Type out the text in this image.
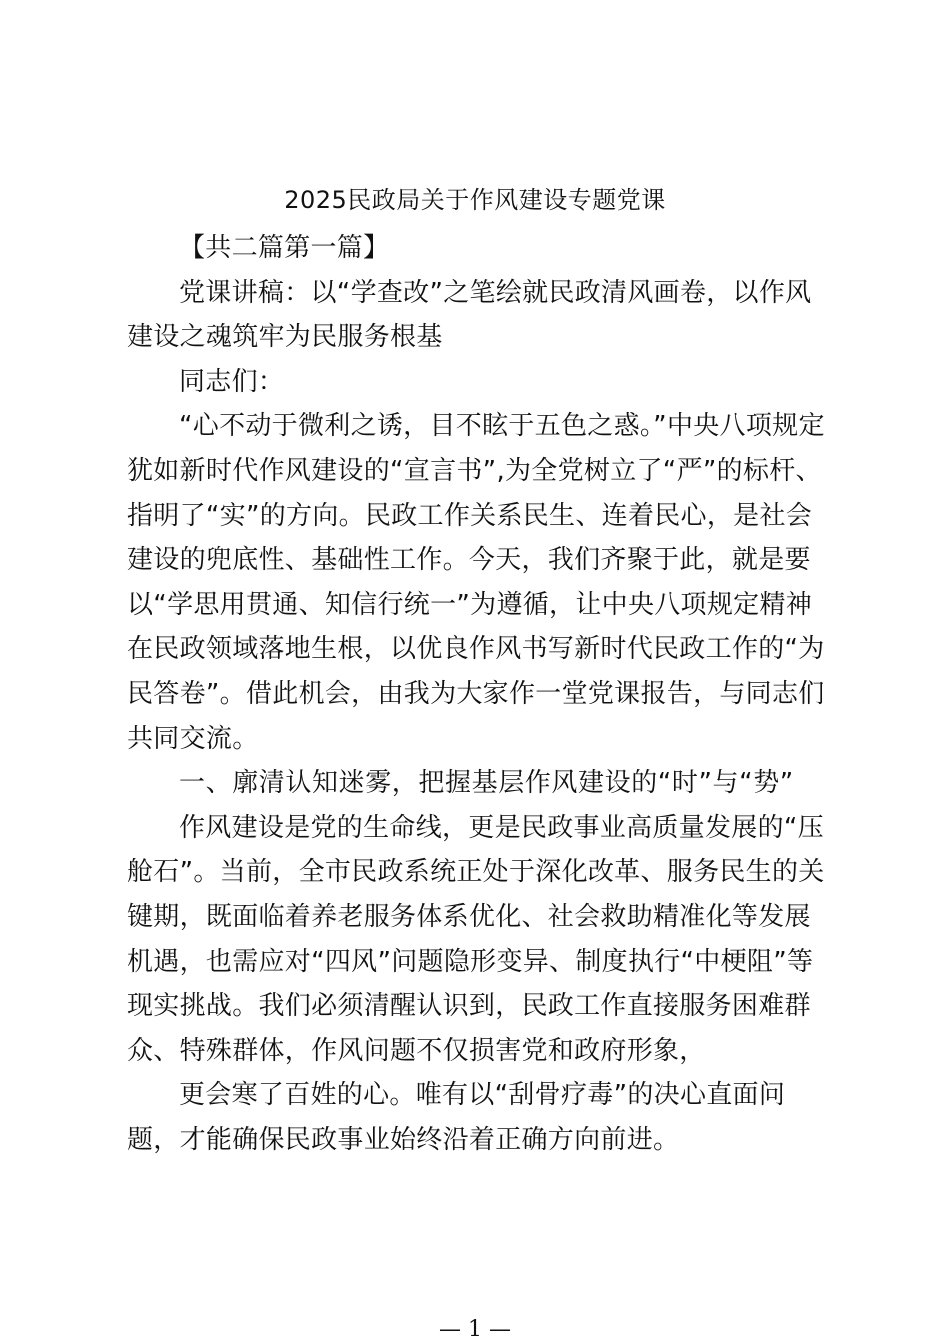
2025民政局关于作风建设专题党课

【共二篇第一篇】

党课讲稿：以“学查改”之笔绘就民政清风画卷，以作风建设之魂筑牢为民服务根基

同志们：

“心不动于微利之诱，目不眩于五色之惑。”中央八项规定犹如新时代作风建设的“宣言书”,为全党树立了“严”的标杆、指明了“实”的方向。民政工作关系民生、连着民心，是社会建设的兜底性、基础性工作。今天，我们齐聚于此，就是要以“学思用贯通、知信行统一”为遵循，让中央八项规定精神在民政领域落地生根，以优良作风书写新时代民政工作的“为民答卷”。借此机会，由我为大家作一堂党课报告，与同志们共同交流。

一、廓清认知迷雾，把握基层作风建设的“时”与“势”

作风建设是党的生命线，更是民政事业高质量发展的“压舱石”。当前，全市民政系统正处于深化改革、服务民生的关键期，既面临着养老服务体系优化、社会救助精准化等发展机遇，也需应对“四风”问题隐形变异、制度执行“中梗阻”等现实挑战。我们必须清醒认识到，民政工作直接服务困难群众、特殊群体，作风问题不仅损害党和政府形象，

更会寒了百姓的心。唯有以“刮骨疗毒”的决心直面问题，才能确保民政事业始终沿着正确方向前进。

— 1 —
